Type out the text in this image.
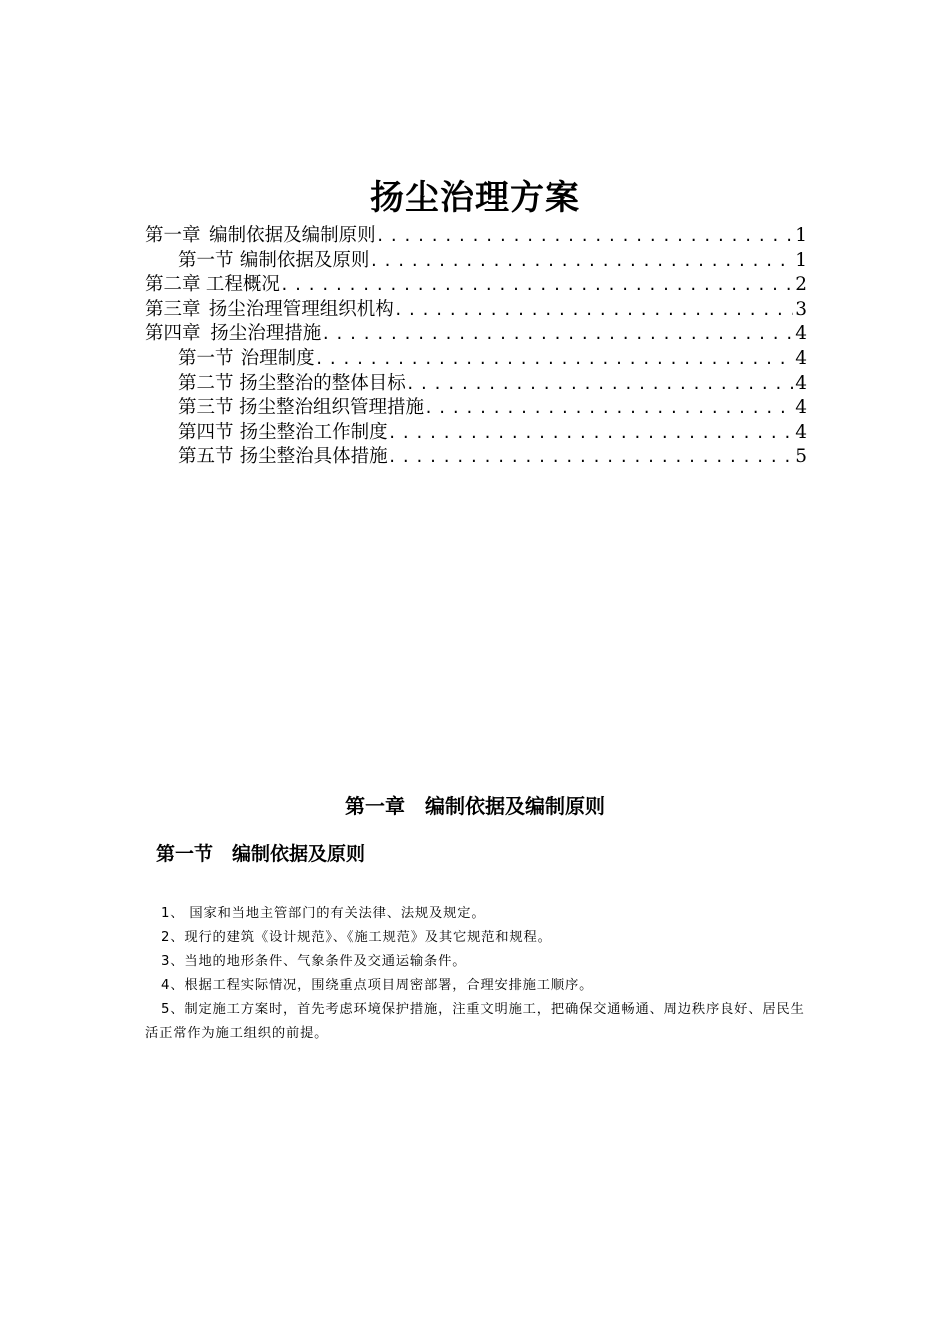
扬尘治理方案
第一章 编制依据及编制原则 .....	1
第一节 编制依据及原则 .....	1
第二章 工程概况 .....	2
第三章 扬尘治理管理组织机构 .....	3
第四章 扬尘治理措施 .....	4
第一节 治理制度 .....	4
第二节 扬尘整治的整体目标 .....	4
第三节 扬尘整治组织管理措施 .....	4
第四节 扬尘整治工作制度 .....	4
第五节 扬尘整治具体措施 .....	5
第一章　编制依据及编制原则
第一节　编制依据及原则

1、 国家和当地主管部门的有关法律、法规及规定。

2、现行的建筑《设计规范》、《施工规范》及其它规范和规程。

3、当地的地形条件、气象条件及交通运输条件。

4、根据工程实际情况，围绕重点项目周密部署，合理安排施工顺序。

5、制定施工方案时，首先考虑环境保护措施，注重文明施工，把确保交通畅通、周边秩序良好、居民生活正常作为施工组织的前提。
